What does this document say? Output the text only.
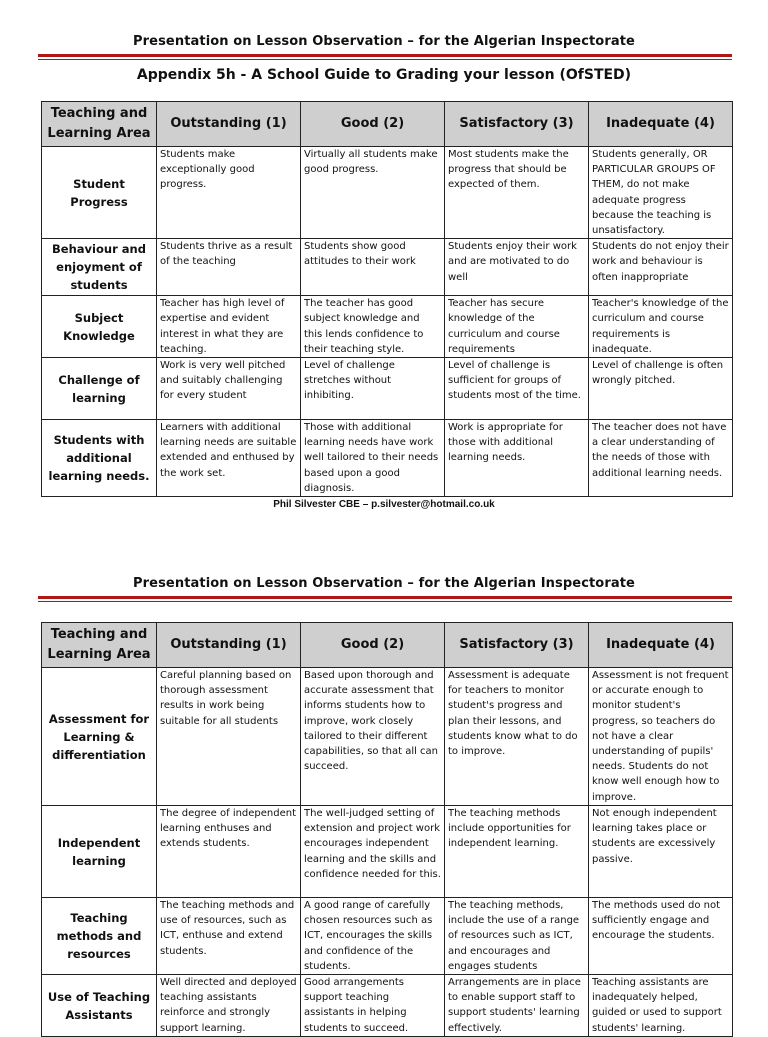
Presentation on Lesson Observation – for the Algerian Inspectorate
Appendix 5h - A School Guide to Grading your lesson (OfSTED)
Teaching and Learning Area	Outstanding (1)	Good (2)	Satisfactory (3)	Inadequate (4)
Student Progress	Students make exceptionally good progress.	Virtually all students make good progress.	Most students make the progress that should be expected of them.	Students generally, OR PARTICULAR GROUPS OF THEM, do not make adequate progress because the teaching is unsatisfactory.
Behaviour and enjoyment of students	Students thrive as a result of the teaching	Students show good attitudes to their work	Students enjoy their work and are motivated to do well	Students do not enjoy their work and behaviour is often inappropriate
Subject Knowledge	Teacher has high level of expertise and evident interest in what they are teaching.	The teacher has good subject knowledge and this lends confidence to their teaching style.	Teacher has secure knowledge of the curriculum and course requirements	Teacher's knowledge of the curriculum and course requirements is inadequate.
Challenge of learning	Work is very well pitched and suitably challenging for every student	Level of challenge stretches without inhibiting.	Level of challenge is sufficient for groups of students most of the time.	Level of challenge is often wrongly pitched.
Students with additional learning needs.	Learners with additional learning needs are suitable extended and enthused by the work set.	Those with additional learning needs have work well tailored to their needs based upon a good diagnosis.	Work is appropriate for those with additional learning needs.	The teacher does not have a clear understanding of the needs of those with additional learning needs.
Phil Silvester CBE – p.silvester@hotmail.co.uk
Presentation on Lesson Observation – for the Algerian Inspectorate
Teaching and Learning Area	Outstanding (1)	Good (2)	Satisfactory (3)	Inadequate (4)
Assessment for Learning & differentiation	Careful planning based on thorough assessment results in work being suitable for all students	Based upon thorough and accurate assessment that informs students how to improve, work closely tailored to their different capabilities, so that all can succeed.	Assessment is adequate for teachers to monitor student's progress and plan their lessons, and students know what to do to improve.	Assessment is not frequent or accurate enough to monitor student's progress, so teachers do not have a clear understanding of pupils' needs. Students do not know well enough how to improve.
Independent learning	The degree of independent learning enthuses and extends students.	The well-judged setting of extension and project work encourages independent learning and the skills and confidence needed for this.	The teaching methods include opportunities for independent learning.	Not enough independent learning takes place or students are excessively passive.
Teaching methods and resources	The teaching methods and use of resources, such as ICT, enthuse and extend students.	A good range of carefully chosen resources such as ICT, encourages the skills and confidence of the students.	The teaching methods, include the use of a range of resources such as ICT, and encourages and engages students	The methods used do not sufficiently engage and encourage the students.
Use of Teaching Assistants	Well directed and deployed teaching assistants reinforce and strongly support learning.	Good arrangements support teaching assistants in helping students to succeed.	Arrangements are in place to enable support staff to support students' learning effectively.	Teaching assistants are inadequately helped, guided or used to support students' learning.
